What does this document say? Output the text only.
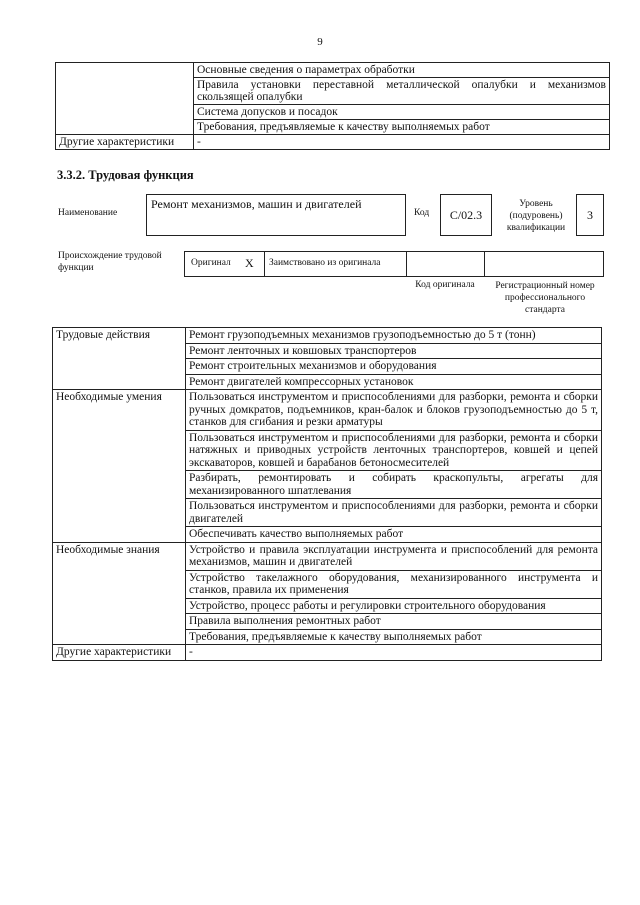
9
	Основные сведения о параметрах обработки
	Правила установки переставной металлической опалубки и механизмов скользящей опалубки
	Система допусков и посадок
	Требования, предъявляемые к качеству выполняемых работ
Другие характеристики	-
3.3.2. Трудовая функция
Наименование
Ремонт механизмов, машин и двигателей
Код	C/02.3
Уровень (подуровень) квалификации
3
Происхождение трудовой функции	Оригинал X Заимствовано из оригинала
Код оригинала	Регистрационный номер профессионального стандарта
Трудовые действия	Ремонт грузоподъемных механизмов грузоподъемностью до 5 т (тонн)
	Ремонт ленточных и ковшовых транспортеров
	Ремонт строительных механизмов и оборудования
	Ремонт двигателей компрессорных установок
Необходимые умения	Пользоваться инструментом и приспособлениями для разборки, ремонта и сборки ручных домкратов, подъемников, кран-балок и блоков грузоподъемностью до 5 т, станков для сгибания и резки арматуры
	Пользоваться инструментом и приспособлениями для разборки, ремонта и сборки натяжных и приводных устройств ленточных транспортеров, ковшей и цепей экскаваторов, ковшей и барабанов бетоносмесителей
	Разбирать, ремонтировать и собирать краскопульты, агрегаты для механизированного шпатлевания
	Пользоваться инструментом и приспособлениями для разборки, ремонта и сборки двигателей
	Обеспечивать качество выполняемых работ
Необходимые знания	Устройство и правила эксплуатации инструмента и приспособлений для ремонта механизмов, машин и двигателей
	Устройство такелажного оборудования, механизированного инструмента и станков, правила их применения
	Устройство, процесс работы и регулировки строительного оборудования
	Правила выполнения ремонтных работ
	Требования, предъявляемые к качеству выполняемых работ
Другие характеристики	-
